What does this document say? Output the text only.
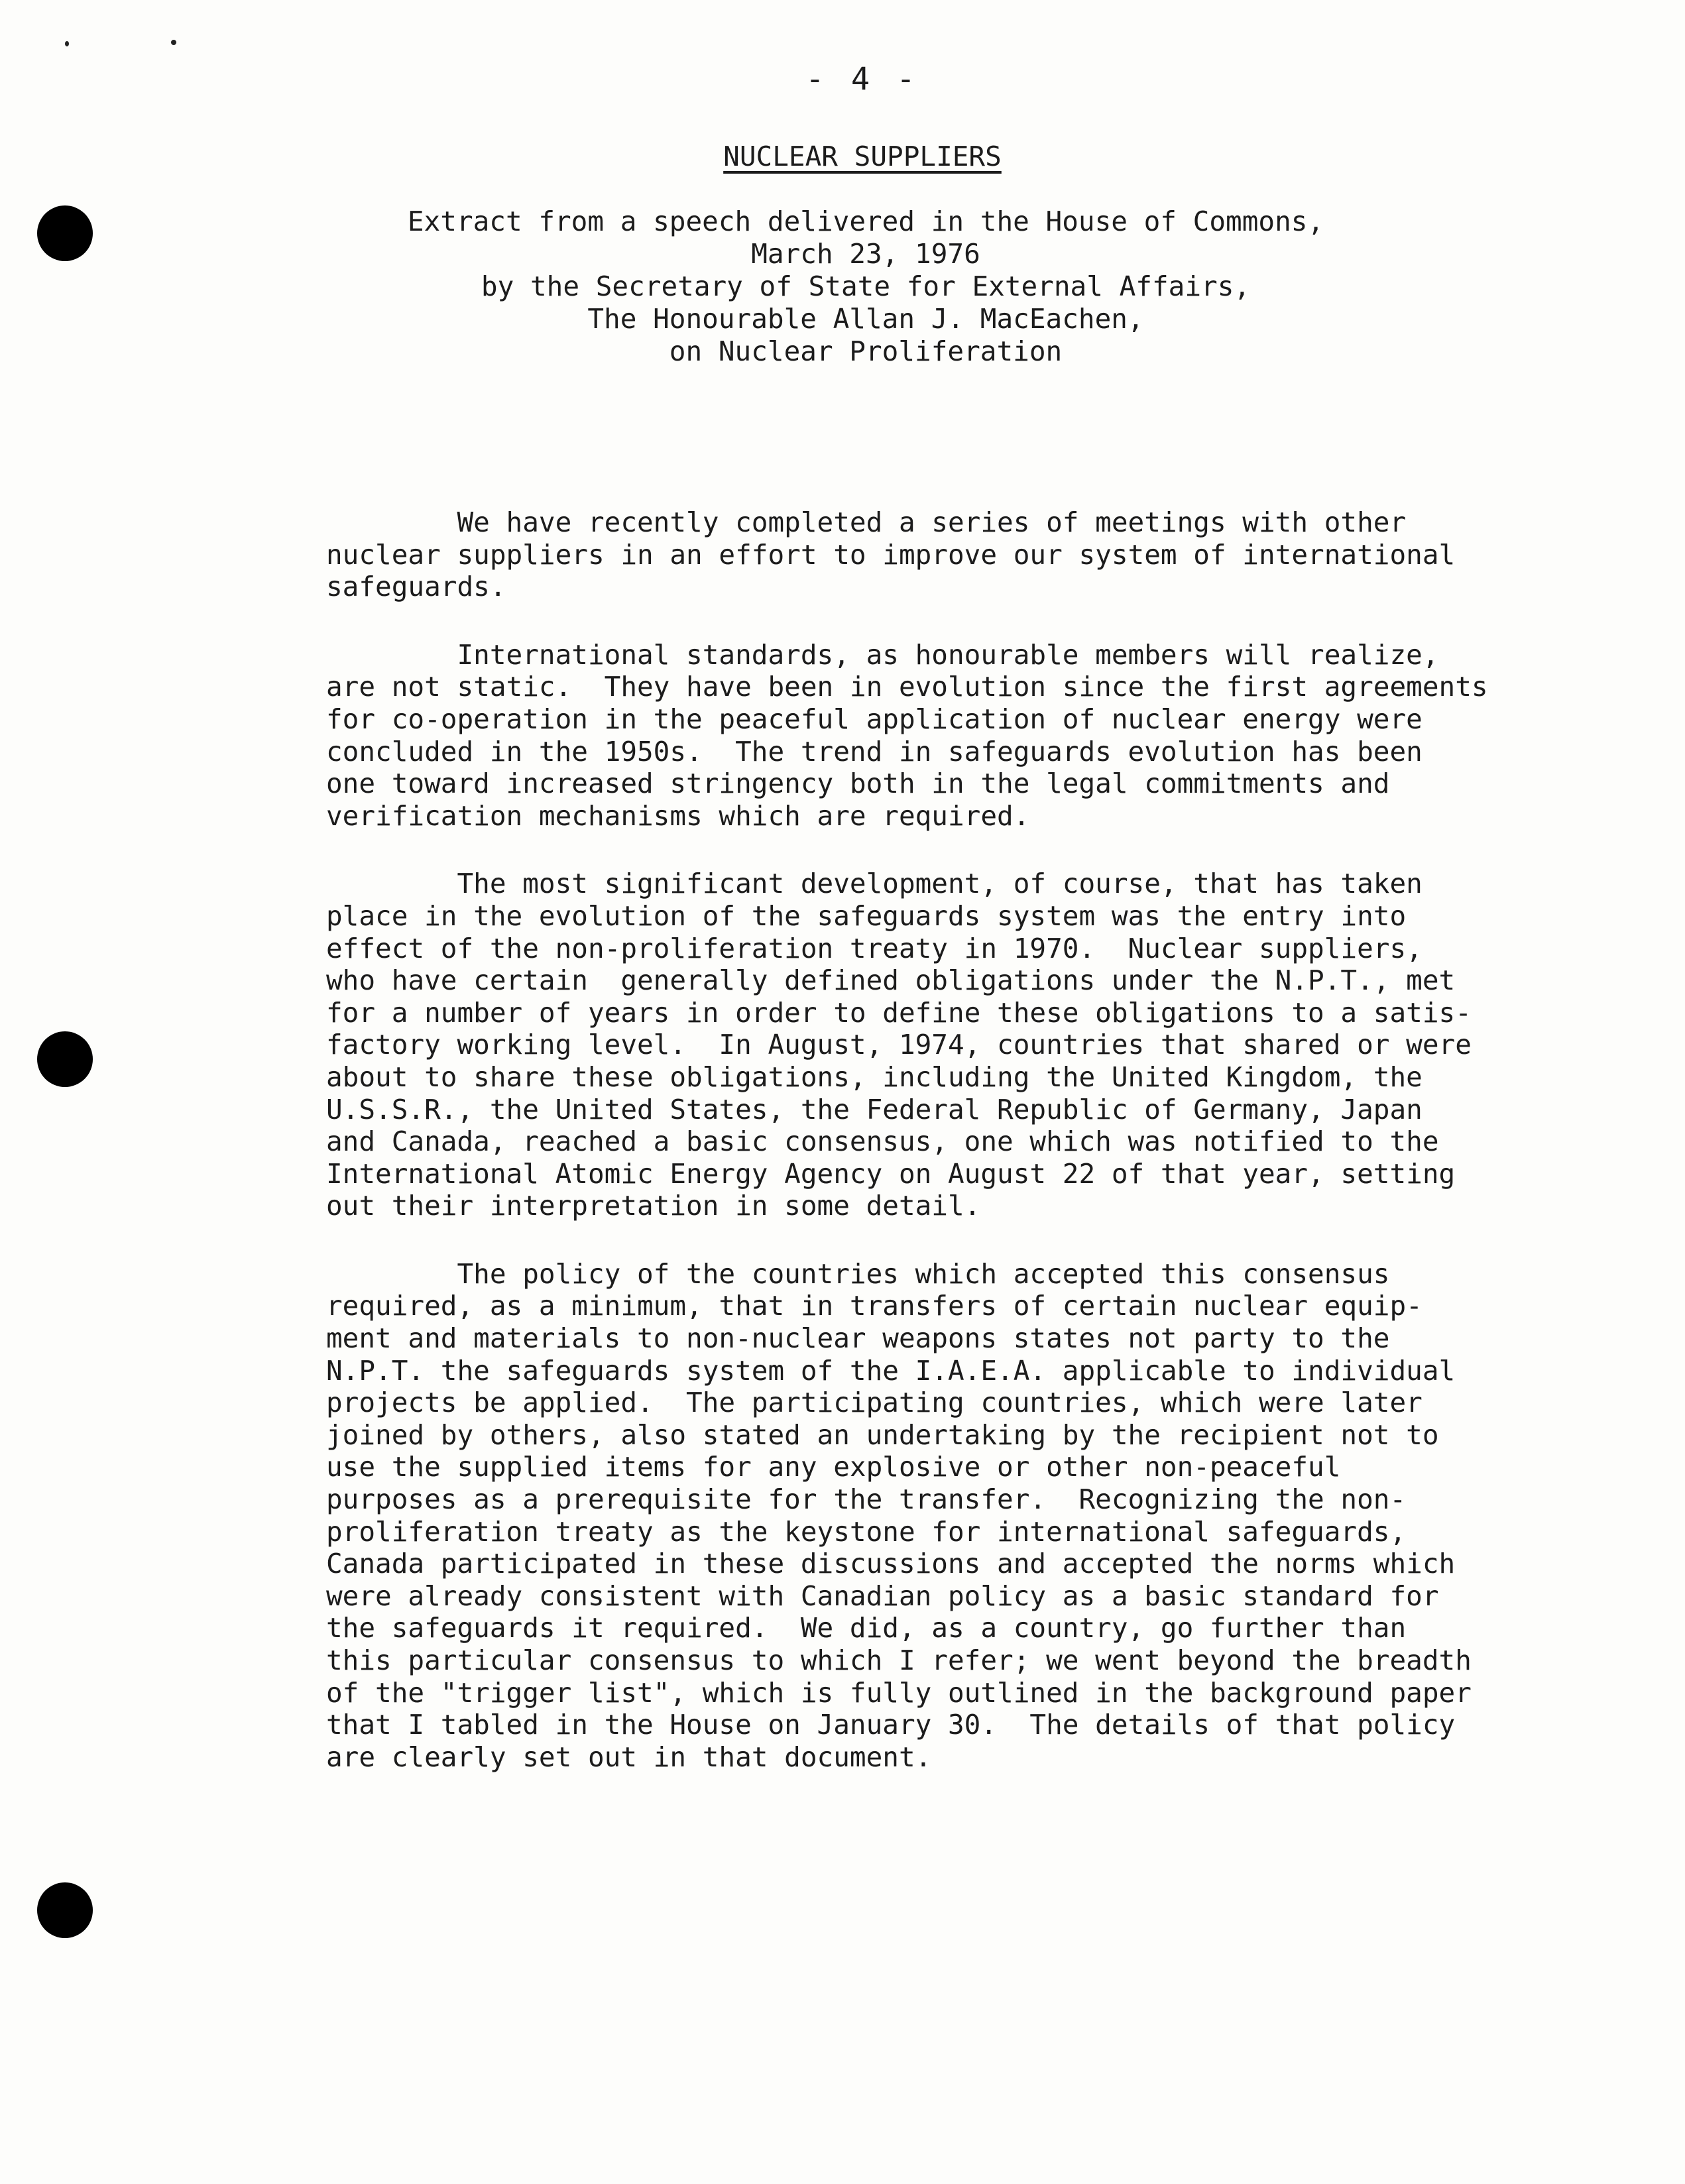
- 4 -
NUCLEAR SUPPLIERS
Extract from a speech delivered in the House of Commons,
March 23, 1976
by the Secretary of State for External Affairs,
The Honourable Allan J. MacEachen,
on Nuclear Proliferation

We have recently completed a series of meetings with other
nuclear suppliers in an effort to improve our system of international
safeguards.

International standards, as honourable members will realize,
are not static.  They have been in evolution since the first agreements
for co-operation in the peaceful application of nuclear energy were
concluded in the 1950s.  The trend in safeguards evolution has been
one toward increased stringency both in the legal commitments and
verification mechanisms which are required.

The most significant development, of course, that has taken
place in the evolution of the safeguards system was the entry into
effect of the non-proliferation treaty in 1970.  Nuclear suppliers,
who have certain  generally defined obligations under the N.P.T., met
for a number of years in order to define these obligations to a satis-
factory working level.  In August, 1974, countries that shared or were
about to share these obligations, including the United Kingdom, the
U.S.S.R., the United States, the Federal Republic of Germany, Japan
and Canada, reached a basic consensus, one which was notified to the
International Atomic Energy Agency on August 22 of that year, setting
out their interpretation in some detail.

The policy of the countries which accepted this consensus
required, as a minimum, that in transfers of certain nuclear equip-
ment and materials to non-nuclear weapons states not party to the
N.P.T. the safeguards system of the I.A.E.A. applicable to individual
projects be applied.  The participating countries, which were later
joined by others, also stated an undertaking by the recipient not to
use the supplied items for any explosive or other non-peaceful
purposes as a prerequisite for the transfer.  Recognizing the non-
proliferation treaty as the keystone for international safeguards,
Canada participated in these discussions and accepted the norms which
were already consistent with Canadian policy as a basic standard for
the safeguards it required.  We did, as a country, go further than
this particular consensus to which I refer; we went beyond the breadth
of the "trigger list", which is fully outlined in the background paper
that I tabled in the House on January 30.  The details of that policy
are clearly set out in that document.
